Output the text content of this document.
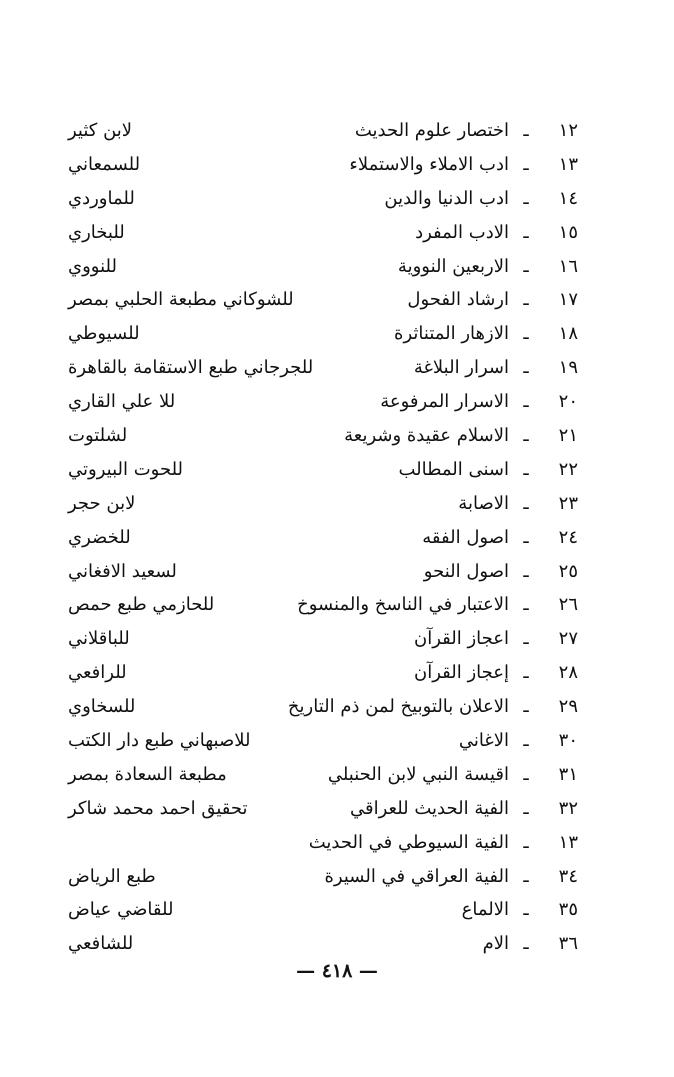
١٢
ـ
اختصار علوم الحديث
لابن كثير
١٣
ـ
ادب الاملاء والاستملاء
للسمعاني
١٤
ـ
ادب الدنيا والدين
للماوردي
١٥
ـ
الادب المفرد
للبخاري
١٦
ـ
الاربعين النووية
للنووي
١٧
ـ
ارشاد الفحول
للشوكاني مطبعة الحلبي بمصر
١٨
ـ
الازهار المتناثرة
للسيوطي
١٩
ـ
اسرار البلاغة
للجرجاني طبع الاستقامة بالقاهرة
٢٠
ـ
الاسرار المرفوعة
للا علي القاري
٢١
ـ
الاسلام عقيدة وشريعة
لشلتوت
٢٢
ـ
اسنى المطالب
للحوت البيروتي
٢٣
ـ
الاصابة
لابن حجر
٢٤
ـ
اصول الفقه
للخضري
٢٥
ـ
اصول النحو
لسعيد الافغاني
٢٦
ـ
الاعتبار في الناسخ والمنسوخ
للحازمي طبع حمص
٢٧
ـ
اعجاز القرآن
للباقلاني
٢٨
ـ
إعجاز القرآن
للرافعي
٢٩
ـ
الاعلان بالتوبيخ لمن ذم التاريخ
للسخاوي
٣٠
ـ
الاغاني
للاصبهاني طبع دار الكتب
٣١
ـ
اقيسة النبي لابن الحنبلي
مطبعة السعادة بمصر
٣٢
ـ
الفية الحديث للعراقي
تحقيق احمد محمد شاكر
١٣
ـ
الفية السيوطي في الحديث
٣٤
ـ
الفية العراقي في السيرة
طبع الرياض
٣٥
ـ
الالماع
للقاضي عياض
٣٦
ـ
الام
للشافعي
— ٤١٨ —
